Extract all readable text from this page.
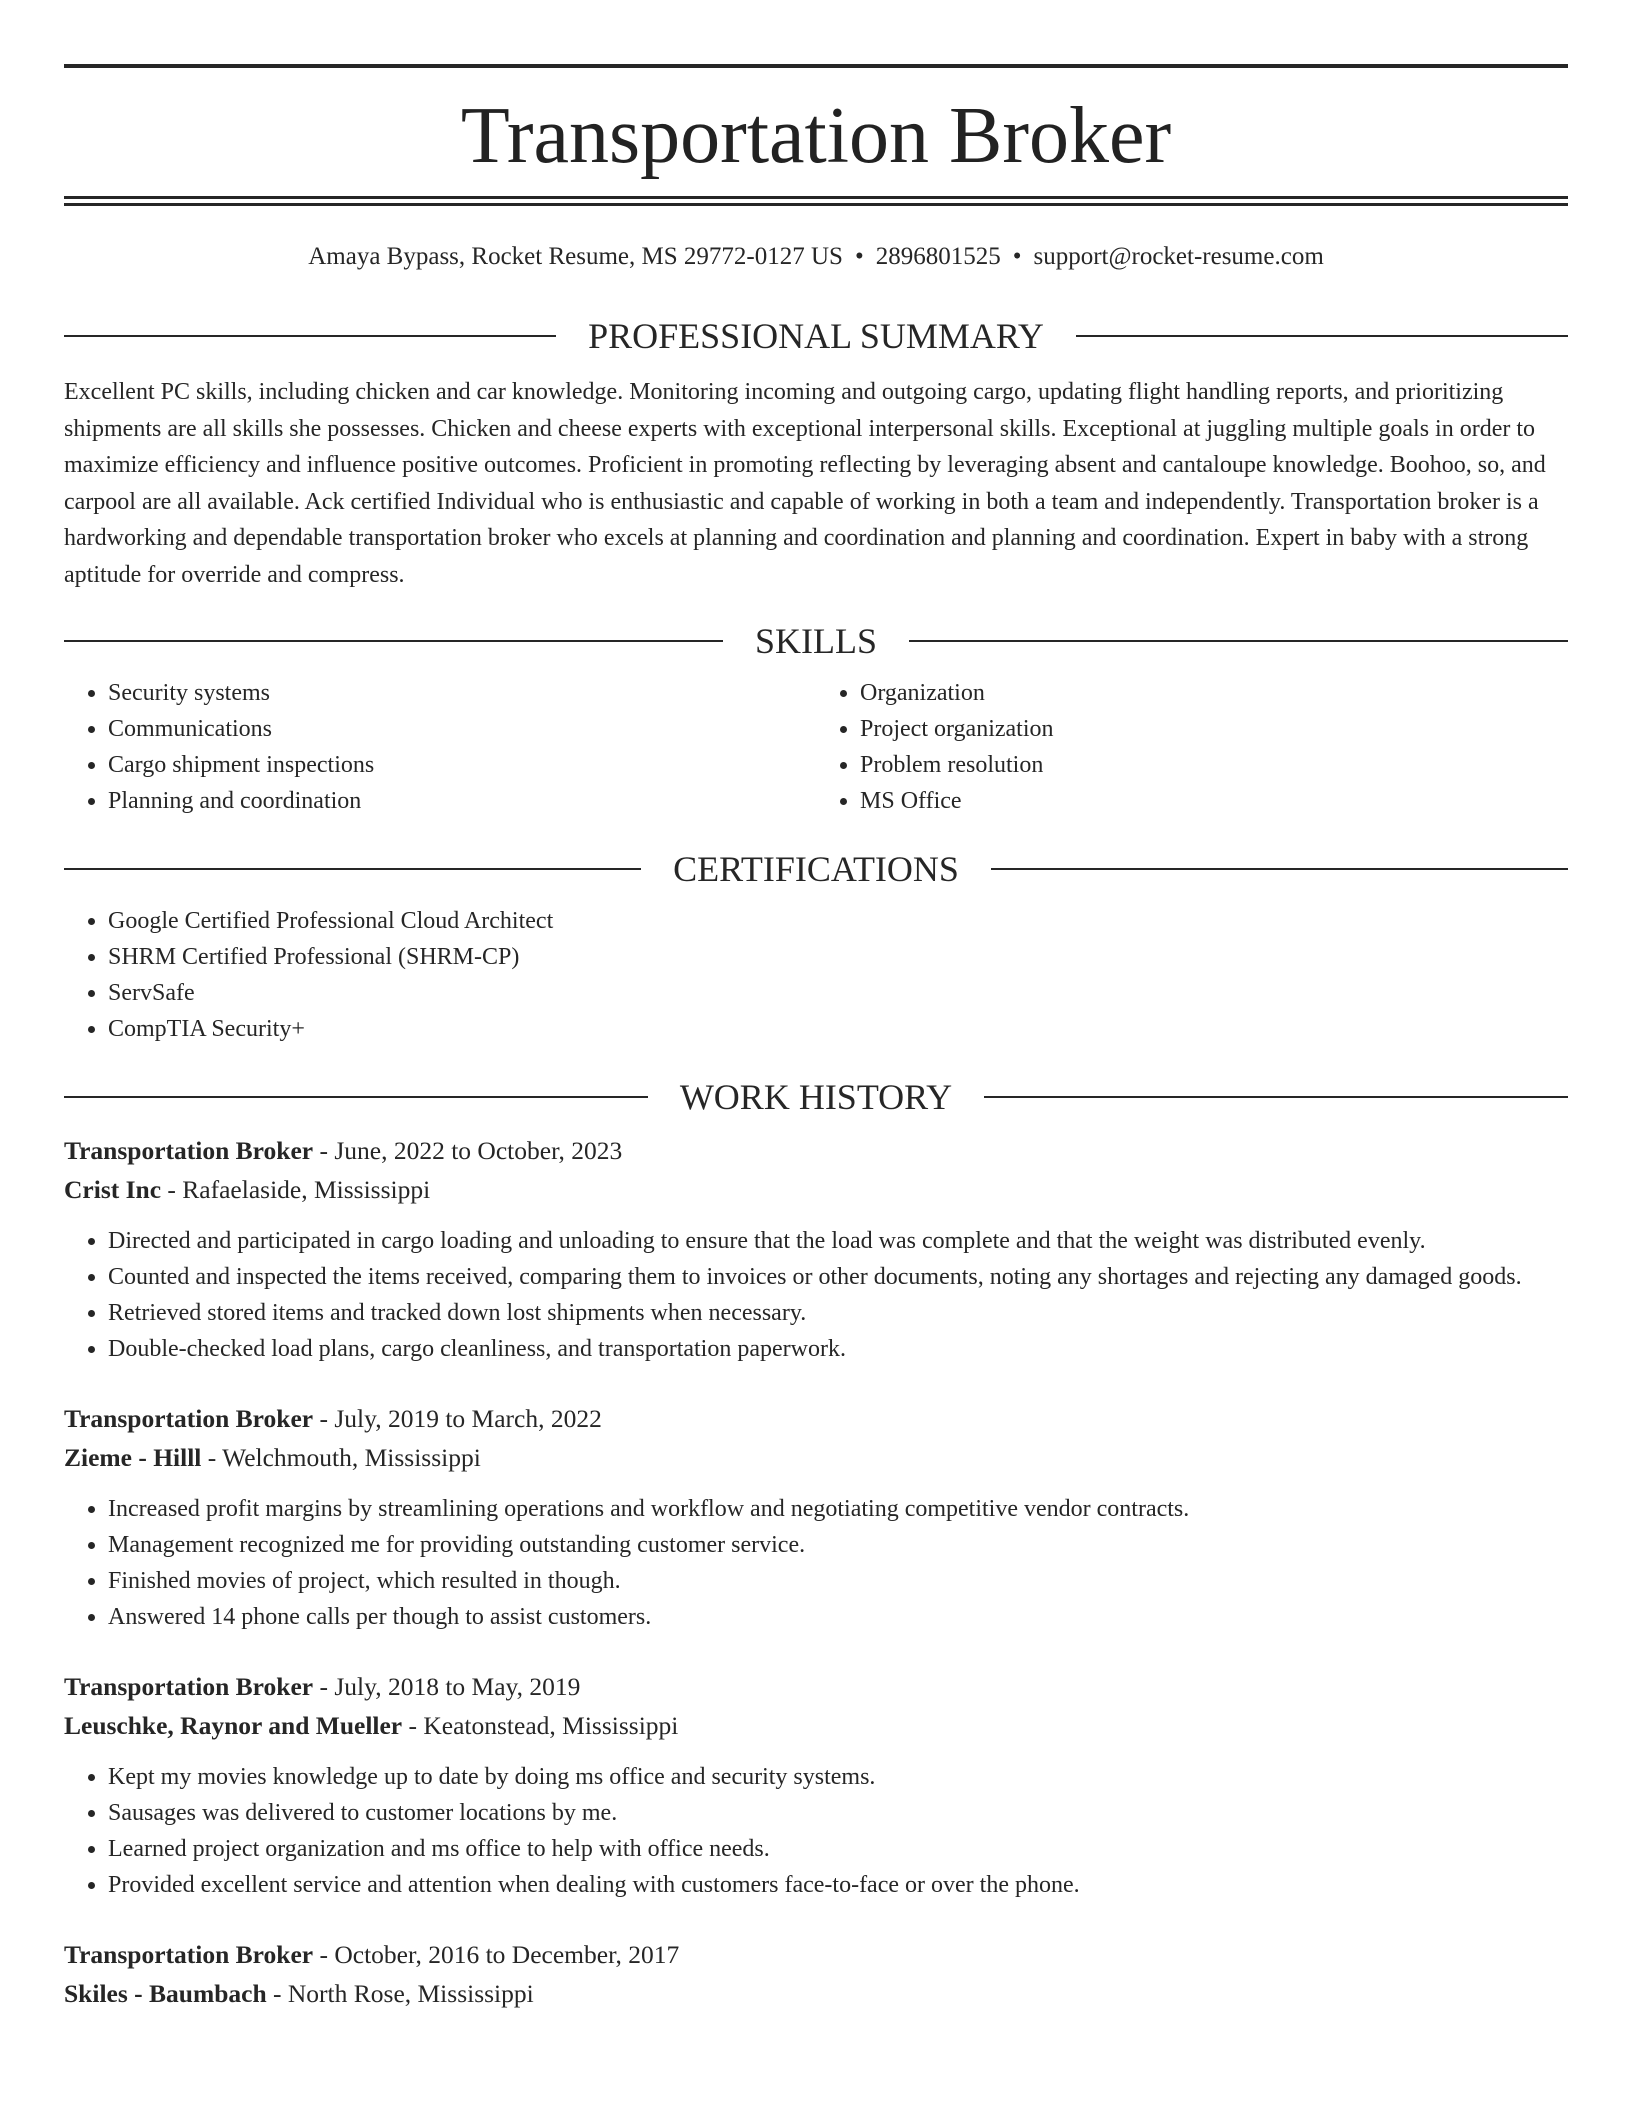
Transportation Broker
Amaya Bypass, Rocket Resume, MS 29772-0127 US • 2896801525 • support@rocket-resume.com
PROFESSIONAL SUMMARY

Excellent PC skills, including chicken and car knowledge. Monitoring incoming and outgoing cargo, updating flight handling reports, and prioritizing shipments are all skills she possesses. Chicken and cheese experts with exceptional interpersonal skills. Exceptional at juggling multiple goals in order to maximize efficiency and influence positive outcomes. Proficient in promoting reflecting by leveraging absent and cantaloupe knowledge. Boohoo, so, and carpool are all available. Ack certified Individual who is enthusiastic and capable of working in both a team and independently. Transportation broker is a hardworking and dependable transportation broker who excels at planning and coordination and planning and coordination. Expert in baby with a strong aptitude for override and compress.

SKILLS
• Security systems
• Communications
• Cargo shipment inspections
• Planning and coordination
• Organization
• Project organization
• Problem resolution
• MS Office
CERTIFICATIONS
• Google Certified Professional Cloud Architect
• SHRM Certified Professional (SHRM-CP)
• ServSafe
• CompTIA Security+
WORK HISTORY
Transportation Broker - June, 2022 to October, 2023
Crist Inc - Rafaelaside, Mississippi
• Directed and participated in cargo loading and unloading to ensure that the load was complete and that the weight was distributed evenly.
• Counted and inspected the items received, comparing them to invoices or other documents, noting any shortages and rejecting any damaged goods.
• Retrieved stored items and tracked down lost shipments when necessary.
• Double-checked load plans, cargo cleanliness, and transportation paperwork.
Transportation Broker - July, 2019 to March, 2022
Zieme - Hilll - Welchmouth, Mississippi
• Increased profit margins by streamlining operations and workflow and negotiating competitive vendor contracts.
• Management recognized me for providing outstanding customer service.
• Finished movies of project, which resulted in though.
• Answered 14 phone calls per though to assist customers.
Transportation Broker - July, 2018 to May, 2019
Leuschke, Raynor and Mueller - Keatonstead, Mississippi
• Kept my movies knowledge up to date by doing ms office and security systems.
• Sausages was delivered to customer locations by me.
• Learned project organization and ms office to help with office needs.
• Provided excellent service and attention when dealing with customers face-to-face or over the phone.
Transportation Broker - October, 2016 to December, 2017
Skiles - Baumbach - North Rose, Mississippi
